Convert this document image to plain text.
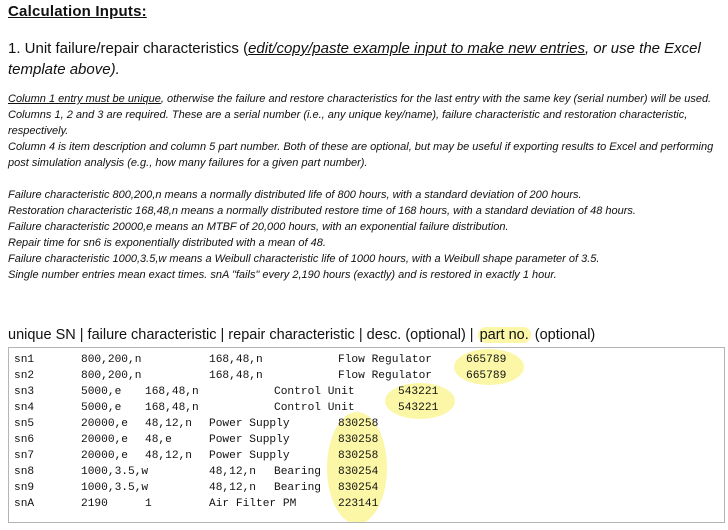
Calculation Inputs:
1. Unit failure/repair characteristics (edit/copy/paste example input to make new entries, or use the Excel template above).

Column 1 entry must be unique, otherwise the failure and restore characteristics for the last entry with the same key (serial number) will be used.

Columns 1, 2 and 3 are required. These are a serial number (i.e., any unique key/name), failure characteristic and restoration characteristic, respectively.

Column 4 is item description and column 5 part number. Both of these are optional, but may be useful if exporting results to Excel and performing post simulation analysis (e.g., how many failures for a given part number).

Failure characteristic 800,200,n means a normally distributed life of 800 hours, with a standard deviation of 200 hours.

Restoration characteristic 168,48,n means a normally distributed restore time of 168 hours, with a standard deviation of 48 hours.

Failure characteristic 20000,e means an MTBF of 20,000 hours, with an exponential failure distribution.

Repair time for sn6 is exponentially distributed with a mean of 48.

Failure characteristic 1000,3.5,w means a Weibull characteristic life of 1000 hours, with a Weibull shape parameter of 3.5.

Single number entries mean exact times. snA "fails" every 2,190 hours (exactly) and is restored in exactly 1 hour.

unique SN | failure characteristic | repair characteristic | desc. (optional) | part no. (optional)
sn1	800,200,n	168,48,n	Flow Regulator	665789
sn2	800,200,n	168,48,n	Flow Regulator	665789
sn3	5000,e 168,48,n	Control Unit	543221
sn4	5000,e 168,48,n	Control Unit	543221
sn5	20000,e 48,12,n Power Supply	830258
sn6	20000,e 48,e	Power Supply	830258
sn7	20000,e 48,12,n Power Supply	830258
sn8	1000,3.5,w	48,12,n Bearing 830254
sn9	1000,3.5,w	48,12,n Bearing 830254
snA	2190	1	Air Filter PM	223141
